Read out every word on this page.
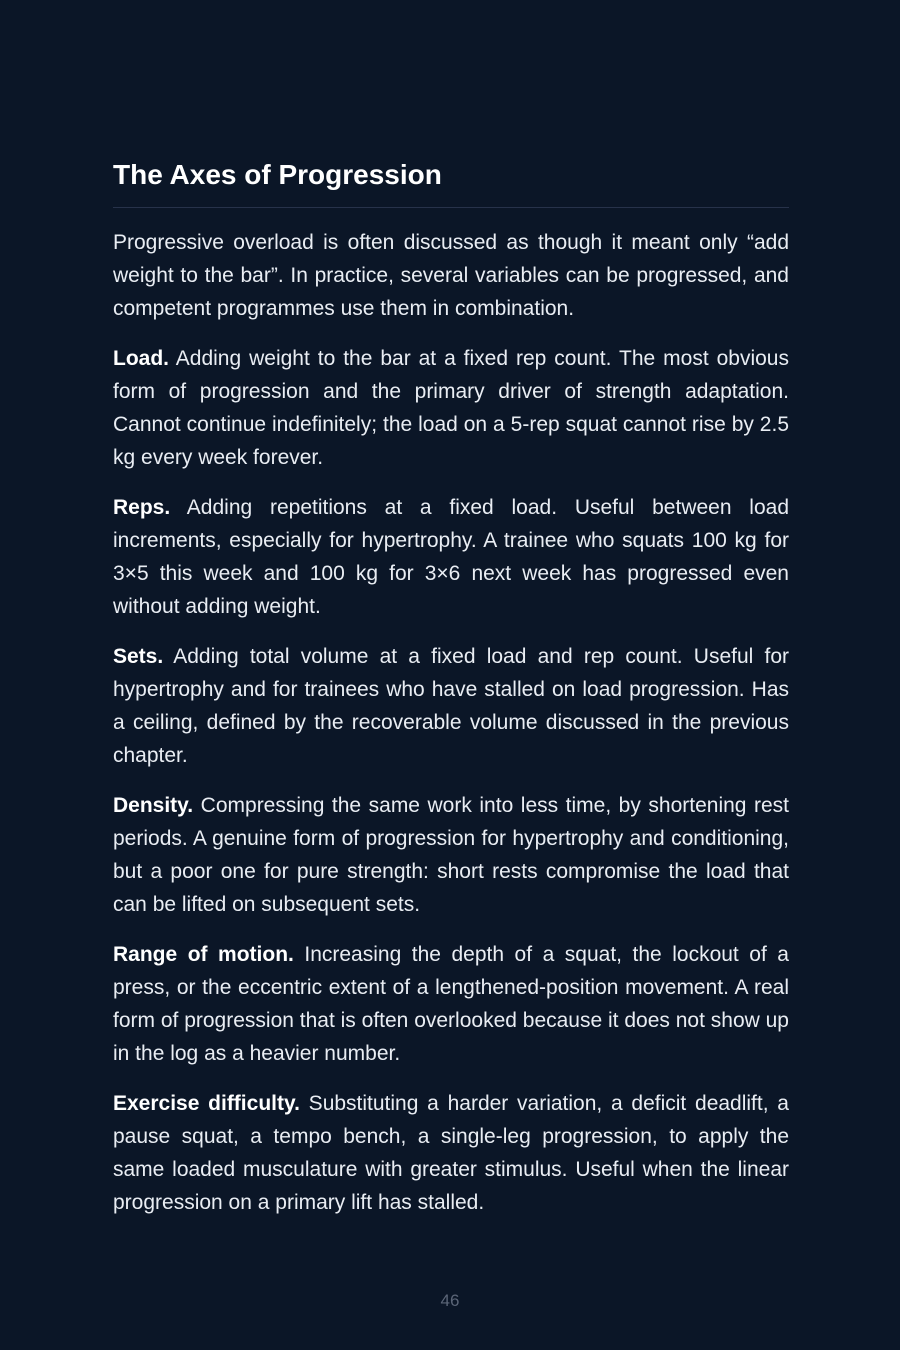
The Axes of Progression

Progressive overload is often discussed as though it meant only “add weight to the bar”. In practice, several variables can be progressed, and competent programmes use them in combination.

Load. Adding weight to the bar at a fixed rep count. The most obvious form of progression and the primary driver of strength adaptation. Cannot continue indefinitely; the load on a 5-rep squat cannot rise by 2.5 kg every week forever.

Reps. Adding repetitions at a fixed load. Useful between load increments, especially for hypertrophy. A trainee who squats 100 kg for 3×5 this week and 100 kg for 3×6 next week has progressed even without adding weight.

Sets. Adding total volume at a fixed load and rep count. Useful for hypertrophy and for trainees who have stalled on load progression. Has a ceiling, defined by the recoverable volume discussed in the previous chapter.

Density. Compressing the same work into less time, by shortening rest periods. A genuine form of progression for hypertrophy and conditioning, but a poor one for pure strength: short rests compromise the load that can be lifted on subsequent sets.

Range of motion. Increasing the depth of a squat, the lockout of a press, or the eccentric extent of a lengthened-position movement. A real form of progression that is often overlooked because it does not show up in the log as a heavier number.

Exercise difficulty. Substituting a harder variation, a deficit deadlift, a pause squat, a tempo bench, a single-leg progression, to apply the same loaded musculature with greater stimulus. Useful when the linear progression on a primary lift has stalled.

46
